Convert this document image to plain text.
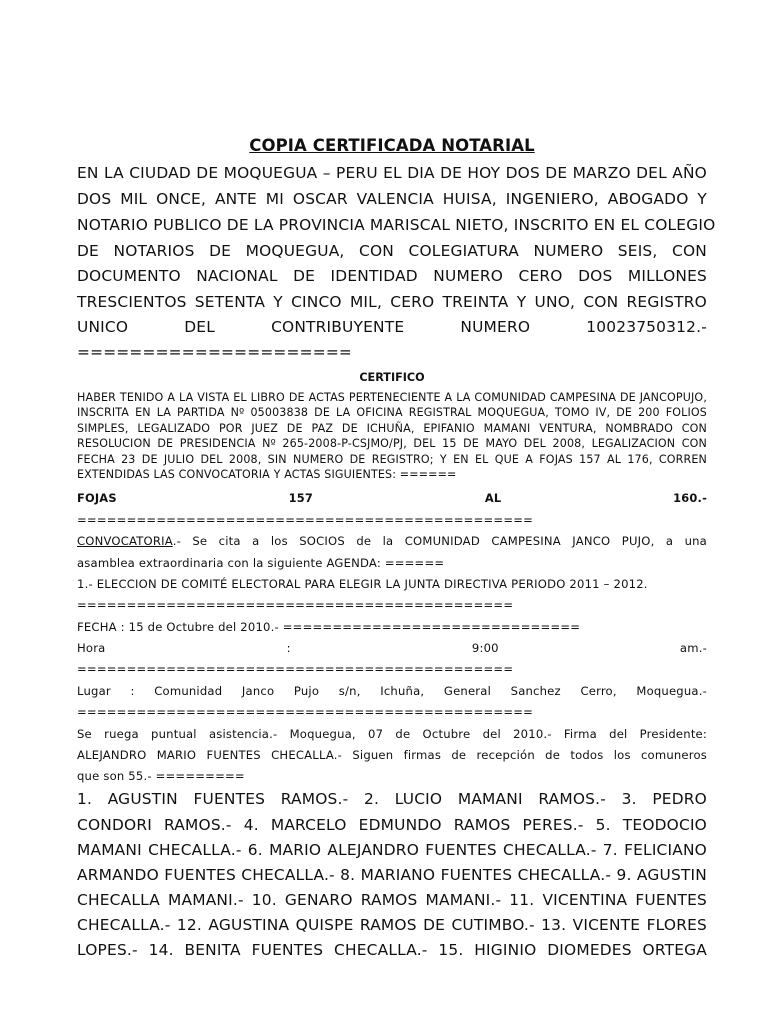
COPIA CERTIFICADA NOTARIAL
EN LA CIUDAD DE MOQUEGUA – PERU EL DIA DE HOY DOS DE MARZO DEL AÑO
DOS MIL ONCE, ANTE MI OSCAR VALENCIA HUISA, INGENIERO, ABOGADO Y
NOTARIO PUBLICO DE LA PROVINCIA MARISCAL NIETO, INSCRITO EN EL COLEGIO
DE NOTARIOS DE MOQUEGUA, CON COLEGIATURA NUMERO SEIS, CON
DOCUMENTO NACIONAL DE IDENTIDAD NUMERO CERO DOS MILLONES
TRESCIENTOS SETENTA Y CINCO MIL, CERO TREINTA Y UNO, CON REGISTRO
UNICO DEL CONTRIBUYENTE NUMERO 10023750312.-
=====================
CERTIFICO
HABER TENIDO A LA VISTA EL LIBRO DE ACTAS PERTENECIENTE A LA COMUNIDAD CAMPESINA DE JANCOPUJO, INSCRITA EN LA PARTIDA Nº 05003838 DE LA OFICINA REGISTRAL MOQUEGUA, TOMO IV, DE 200 FOLIOS SIMPLES, LEGALIZADO POR JUEZ DE PAZ DE ICHUÑA, EPIFANIO MAMANI VENTURA, NOMBRADO CON RESOLUCION DE PRESIDENCIA Nº 265-2008-P-CSJMO/PJ, DEL 15 DE MAYO DEL 2008, LEGALIZACION CON FECHA 23 DE JULIO DEL 2008, SIN NUMERO DE REGISTRO; Y EN EL QUE A FOJAS 157 AL 176, CORREN EXTENDIDAS LAS CONVOCATORIA Y ACTAS SIGUIENTES: ======
FOJAS 157 AL 160.-
==============================================
CONVOCATORIA.- Se cita a los SOCIOS de la COMUNIDAD CAMPESINA JANCO PUJO, a una
asamblea extraordinaria con la siguiente AGENDA: ======
1.- ELECCION DE COMITÉ ELECTORAL PARA ELEGIR LA JUNTA DIRECTIVA PERIODO 2011 – 2012.
============================================
FECHA : 15 de Octubre del 2010.- ==============================
Hora : 9:00 am.-
============================================
Lugar : Comunidad Janco Pujo s/n, Ichuña, General Sanchez Cerro, Moquegua.-
==============================================
Se ruega puntual asistencia.- Moquegua, 07 de Octubre del 2010.- Firma del Presidente:
ALEJANDRO MARIO FUENTES CHECALLA.- Siguen firmas de recepción de todos los comuneros
que son 55.- =========
1. AGUSTIN FUENTES RAMOS.- 2. LUCIO MAMANI RAMOS.- 3. PEDRO
CONDORI RAMOS.- 4. MARCELO EDMUNDO RAMOS PERES.- 5. TEODOCIO
MAMANI CHECALLA.- 6. MARIO ALEJANDRO FUENTES CHECALLA.- 7. FELICIANO
ARMANDO FUENTES CHECALLA.- 8. MARIANO FUENTES CHECALLA.- 9. AGUSTIN
CHECALLA MAMANI.- 10. GENARO RAMOS MAMANI.- 11. VICENTINA FUENTES
CHECALLA.- 12. AGUSTINA QUISPE RAMOS DE CUTIMBO.- 13. VICENTE FLORES
LOPES.- 14. BENITA FUENTES CHECALLA.- 15. HIGINIO DIOMEDES ORTEGA
